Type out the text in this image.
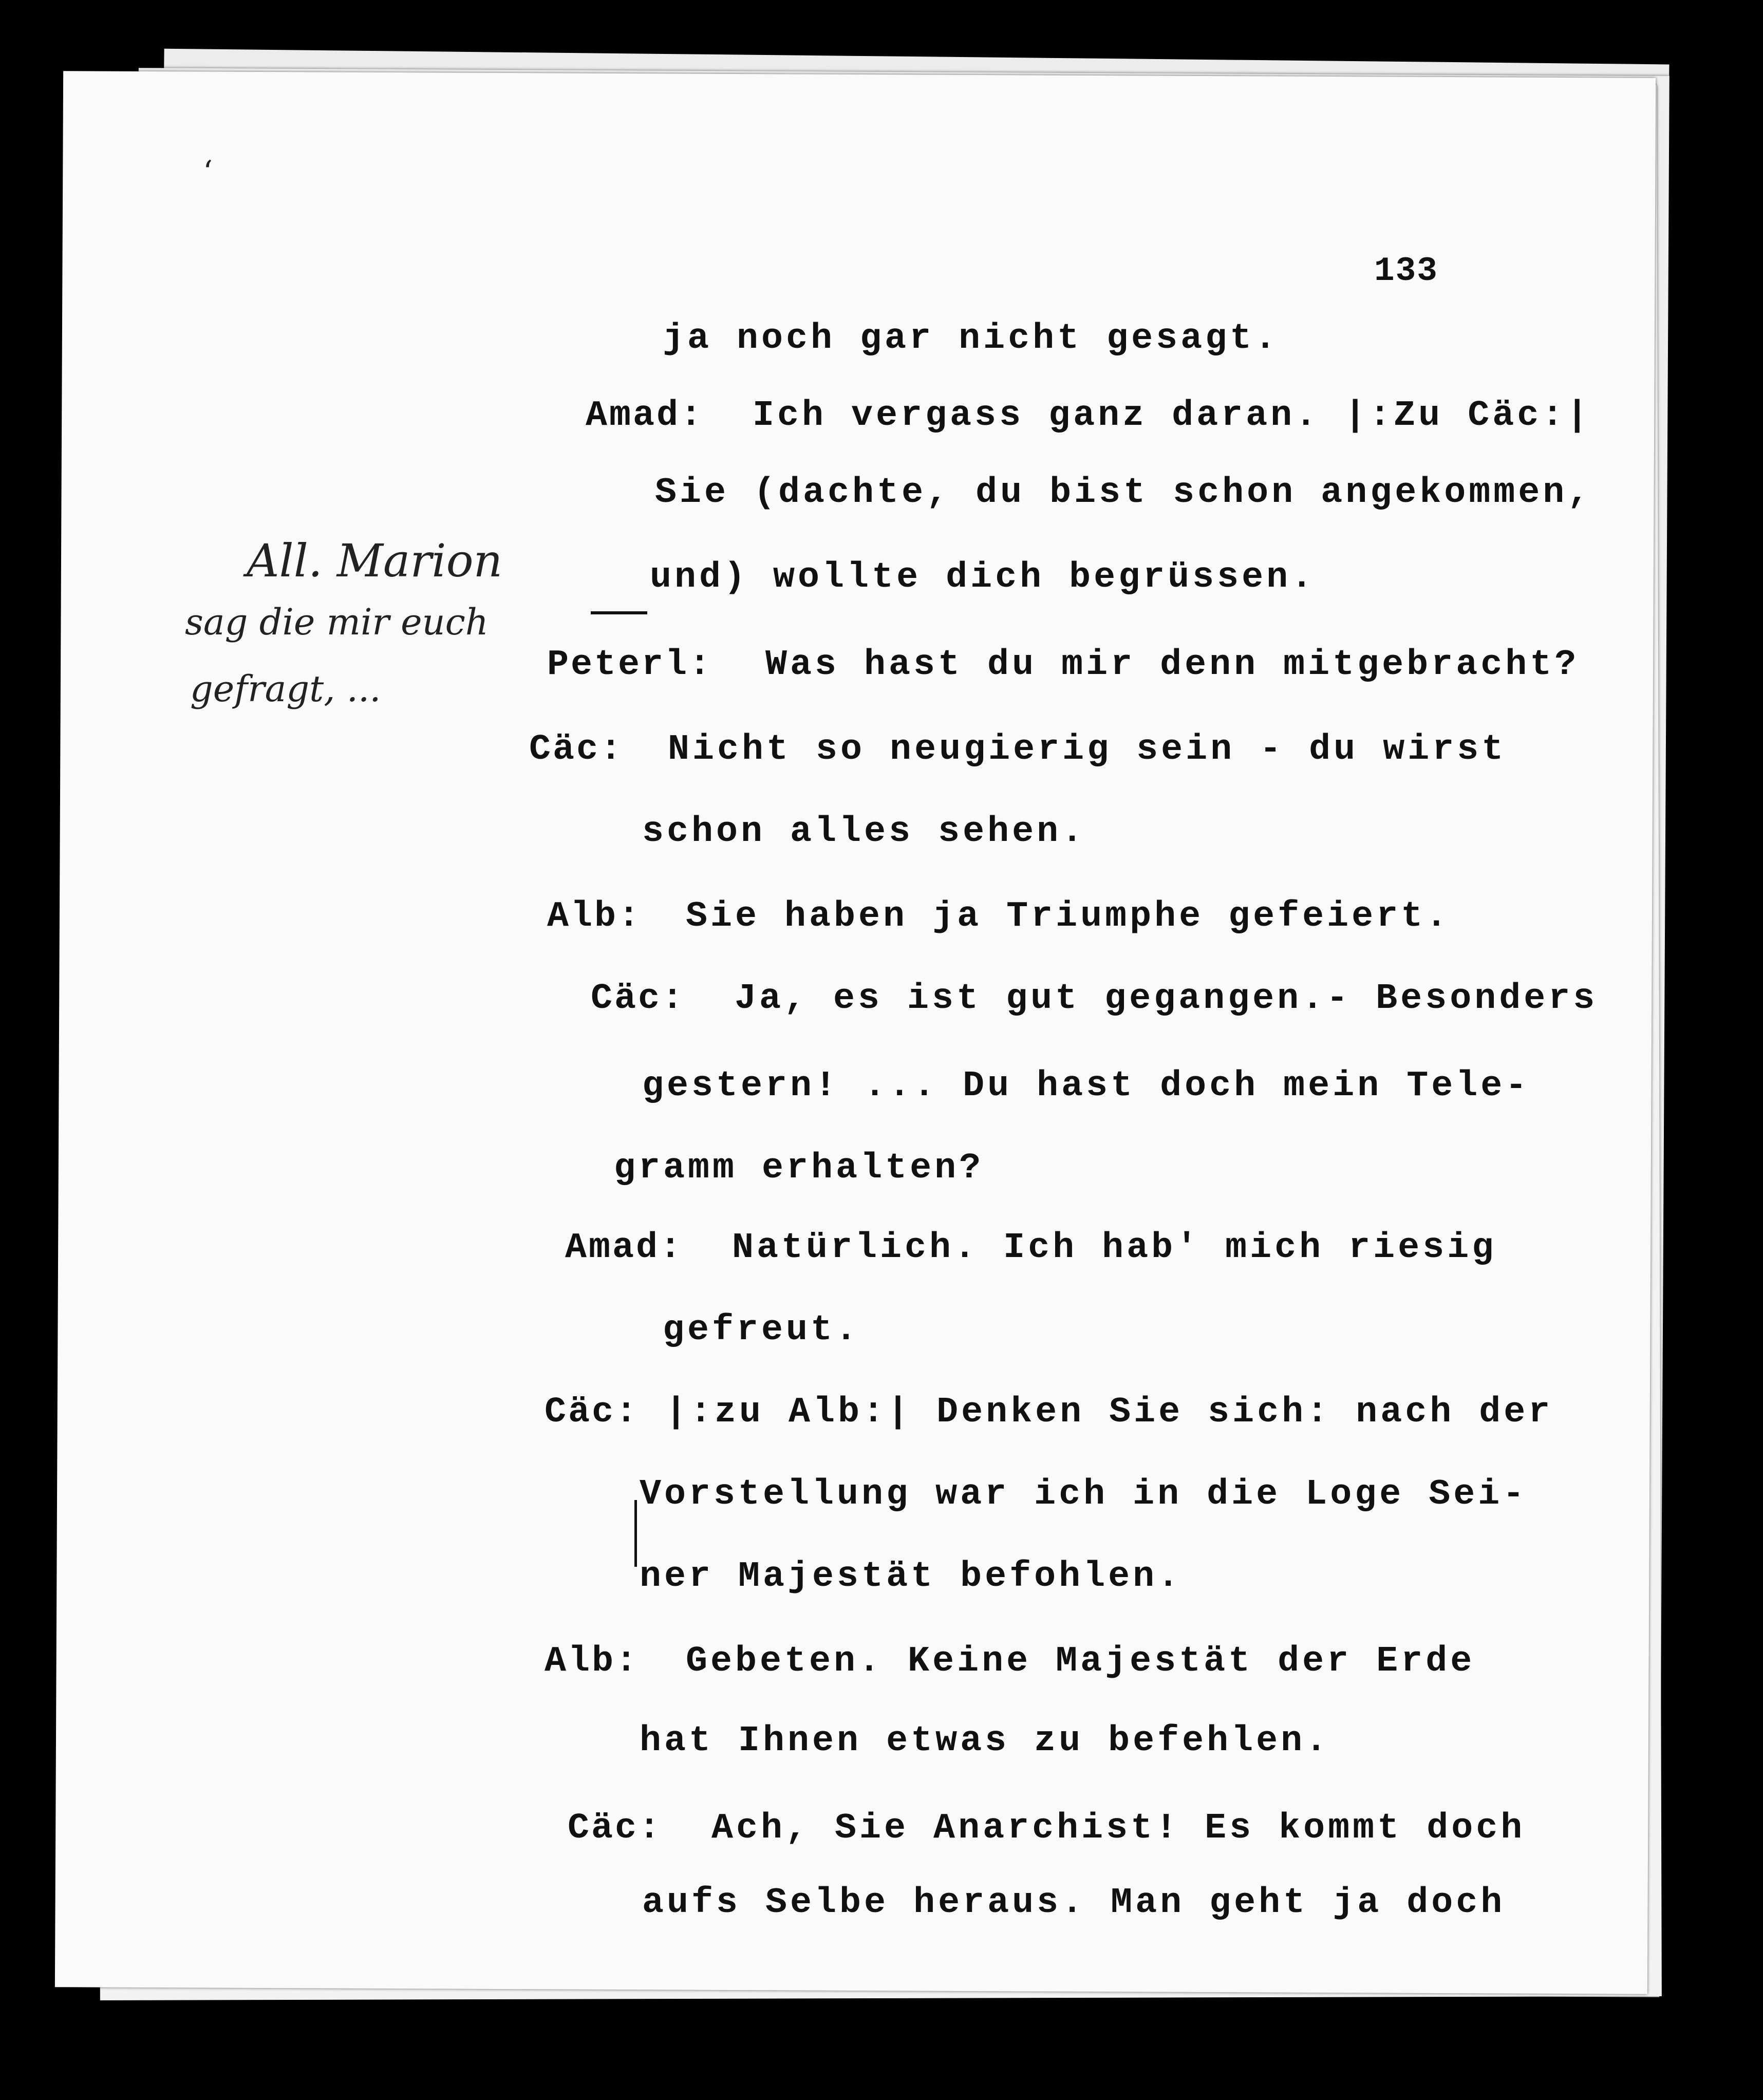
133
‘
All. Marion
sag die mir euch
gefragt, ...
ja noch gar nicht gesagt.
Amad: Ich vergass ganz daran. |:Zu Cäc:|
Sie (dachte, du bist schon angekommen,
und) wollte dich begrüssen.
Peterl: Was hast du mir denn mitgebracht?
Cäc: Nicht so neugierig sein - du wirst
schon alles sehen.
Alb: Sie haben ja Triumphe gefeiert.
Cäc: Ja, es ist gut gegangen.- Besonders
gestern! ... Du hast doch mein Tele-
gramm erhalten?
Amad: Natürlich. Ich hab' mich riesig
gefreut.
Cäc: |:zu Alb:| Denken Sie sich: nach der
Vorstellung war ich in die Loge Sei-
ner Majestät befohlen.
Alb: Gebeten. Keine Majestät der Erde
hat Ihnen etwas zu befehlen.
Cäc: Ach, Sie Anarchist! Es kommt doch
aufs Selbe heraus. Man geht ja doch
